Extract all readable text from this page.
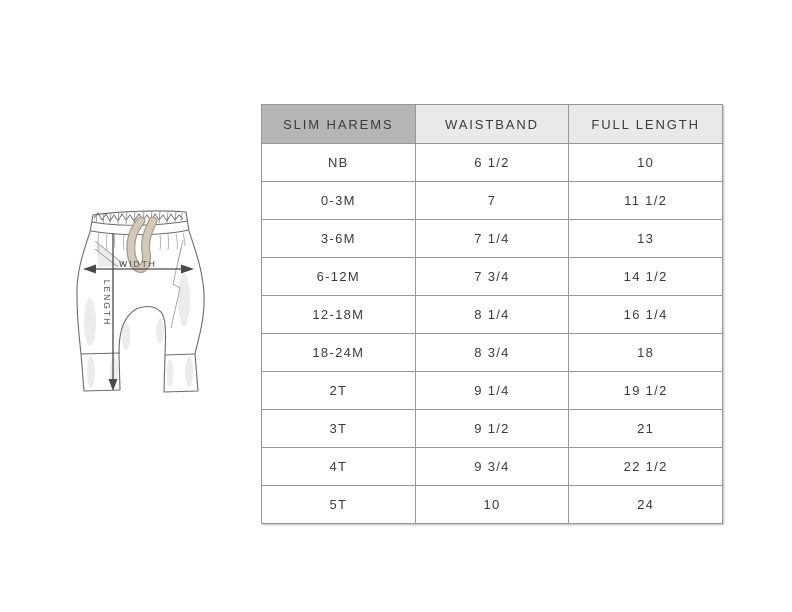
WIDTH
LENGTH
SLIM HAREMS	WAISTBAND	FULL LENGTH
NB	6 1/2	10
0-3M	7	11 1/2
3-6M	7 1/4	13
6-12M	7 3/4	14 1/2
12-18M	8 1/4	16 1/4
18-24M	8 3/4	18
2T	9 1/4	19 1/2
3T	9 1/2	21
4T	9 3/4	22 1/2
5T	10	24
